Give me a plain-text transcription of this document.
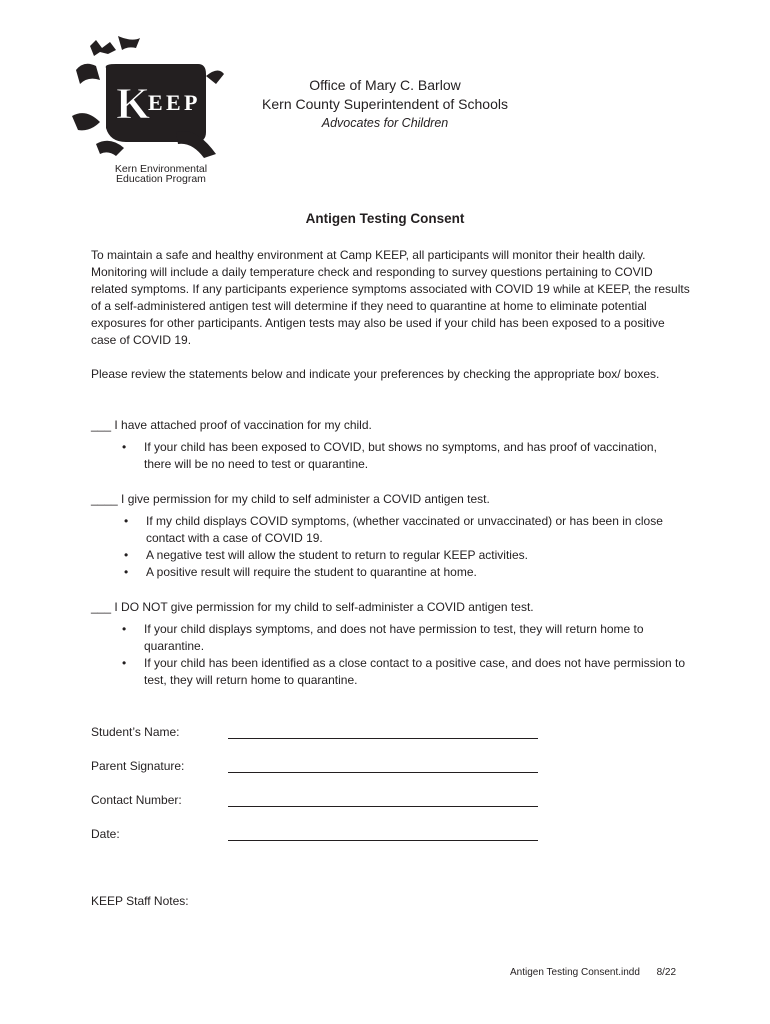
K
E E P
Kern Environmental
Education Program
Office of Mary C. Barlow
Kern County Superintendent of Schools
Advocates for Children
Antigen Testing Consent
To maintain a safe and healthy environment at Camp KEEP, all participants will monitor their health daily. Monitoring will include a daily temperature check and responding to survey questions pertaining to COVID related symptoms. If any participants experience symptoms associated with COVID 19 while at KEEP, the results of a self-administered antigen test will determine if they need to quarantine at home to eliminate potential exposures for other participants. Antigen tests may also be used if your child has been exposed to a positive case of COVID 19.
Please review the statements below and indicate your preferences by checking the appropriate box/ boxes.
___ I have attached proof of vaccination for my child.
• If your child has been exposed to COVID, but shows no symptoms, and has proof of vaccination, there will be no need to test or quarantine.
____ I give permission for my child to self administer a COVID antigen test.
• If my child displays COVID symptoms, (whether vaccinated or unvaccinated) or has been in close contact with a case of COVID 19.
• A negative test will allow the student to return to regular KEEP activities.
• A positive result will require the student to quarantine at home.
___ I DO NOT give permission for my child to self-administer a COVID antigen test.
• If your child displays symptoms, and does not have permission to test, they will return home to quarantine.
• If your child has been identified as a close contact to a positive case, and does not have permission to test, they will return home to quarantine.
Student’s Name:
Parent Signature:
Contact Number:
Date:
KEEP Staff Notes:
Antigen Testing Consent.indd      8/22
